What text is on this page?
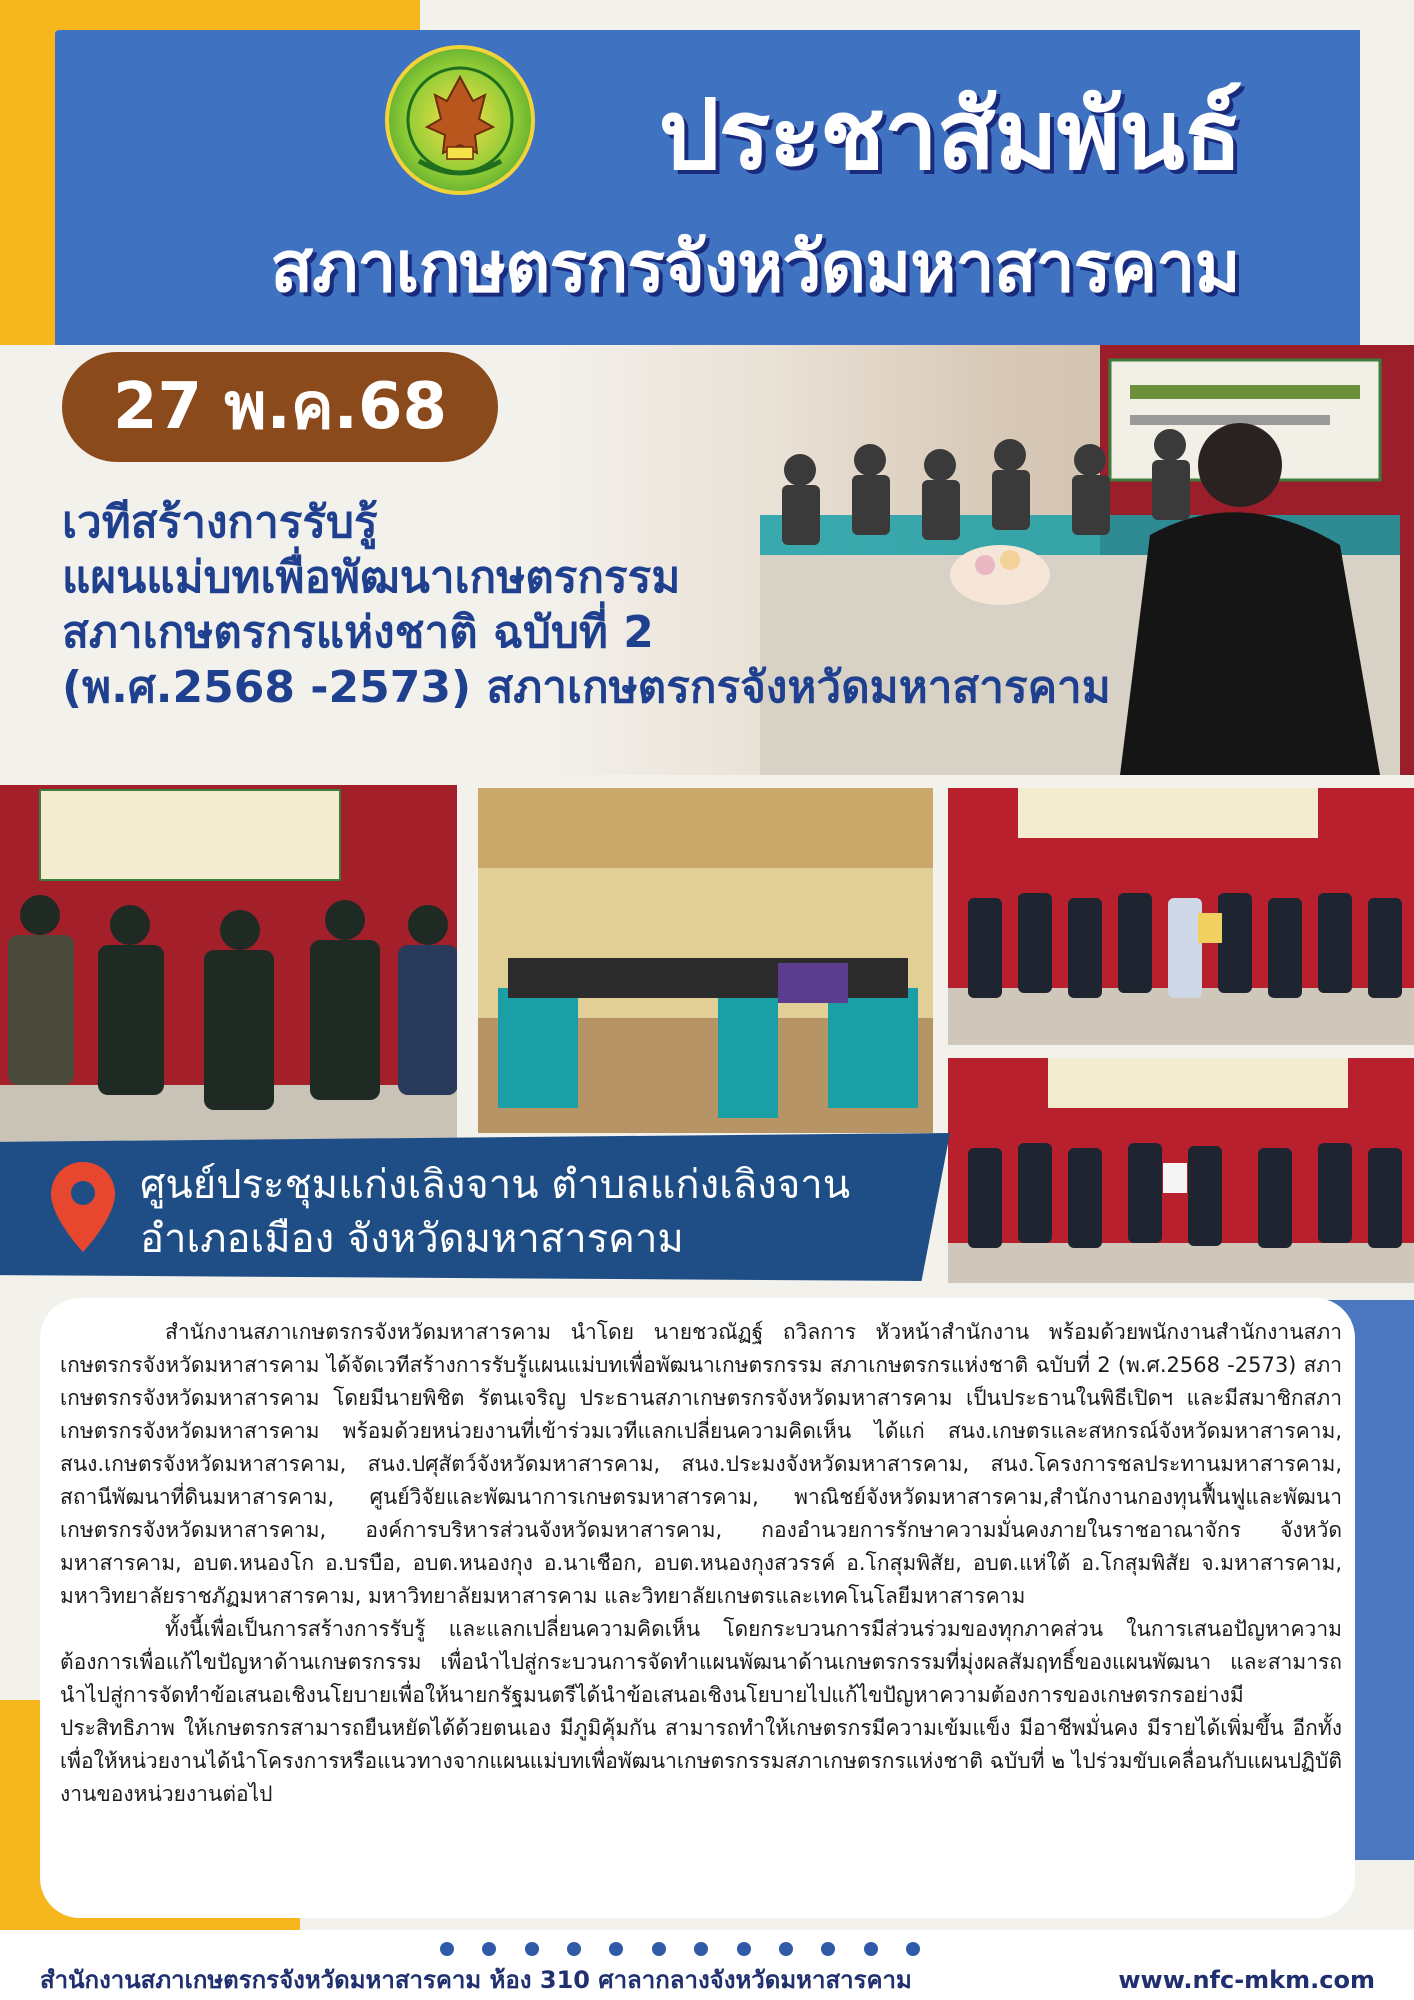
ประชาสัมพันธ์
สภาเกษตรกรจังหวัดมหาสารคาม
27 พ.ค.68
เวทีสร้างการรับรู้
แผนแม่บทเพื่อพัฒนาเกษตรกรรม
สภาเกษตรกรแห่งชาติ ฉบับที่ 2
(พ.ศ.2568 -2573) สภาเกษตรกรจังหวัดมหาสารคาม
ศูนย์ประชุมแก่งเลิงจาน ตำบลแก่งเลิงจาน
อำเภอเมือง จังหวัดมหาสารคาม

สำนักงานสภาเกษตรกรจังหวัดมหาสารคาม นำโดย นายชวณัฏฐ์ ถวิลการ หัวหน้าสำนักงาน พร้อมด้วยพนักงานสำนักงานสภาเกษตรกรจังหวัดมหาสารคาม ได้จัดเวทีสร้างการรับรู้แผนแม่บทเพื่อพัฒนาเกษตรกรรม สภาเกษตรกรแห่งชาติ ฉบับที่ 2 (พ.ศ.2568 -2573) สภาเกษตรกรจังหวัดมหาสารคาม โดยมีนายพิชิต รัตนเจริญ ประธานสภาเกษตรกรจังหวัดมหาสารคาม เป็นประธานในพิธีเปิดฯ และมีสมาชิกสภาเกษตรกรจังหวัดมหาสารคาม พร้อมด้วยหน่วยงานที่เข้าร่วมเวทีแลกเปลี่ยนความคิดเห็น ได้แก่ สนง.เกษตรและสหกรณ์จังหวัดมหาสารคาม, สนง.เกษตรจังหวัดมหาสารคาม, สนง.ปศุสัตว์จังหวัดมหาสารคาม, สนง.ประมงจังหวัดมหาสารคาม, สนง.โครงการชลประทานมหาสารคาม, สถานีพัฒนาที่ดินมหาสารคาม, ศูนย์วิจัยและพัฒนาการเกษตรมหาสารคาม, พาณิชย์จังหวัดมหาสารคาม,สำนักงานกองทุนฟื้นฟูและพัฒนาเกษตรกรจังหวัดมหาสารคาม, องค์การบริหารส่วนจังหวัดมหาสารคาม, กองอำนวยการรักษาความมั่นคงภายในราชอาณาจักร จังหวัดมหาสารคาม, อบต.หนองโก อ.บรบือ, อบต.หนองกุง อ.นาเชือก, อบต.หนองกุงสวรรค์ อ.โกสุมพิสัย, อบต.แห่ใต้ อ.โกสุมพิสัย จ.มหาสารคาม, มหาวิทยาลัยราชภัฏมหาสารคาม, มหาวิทยาลัยมหาสารคาม และวิทยาลัยเกษตรและเทคโนโลยีมหาสารคาม

ทั้งนี้เพื่อเป็นการสร้างการรับรู้ และแลกเปลี่ยนความคิดเห็น โดยกระบวนการมีส่วนร่วมของทุกภาคส่วน ในการเสนอปัญหาความต้องการเพื่อแก้ไขปัญหาด้านเกษตรกรรม เพื่อนำไปสู่กระบวนการจัดทำแผนพัฒนาด้านเกษตรกรรมที่มุ่งผลสัมฤทธิ์ของแผนพัฒนา และสามารถนำไปสู่การจัดทำข้อเสนอเชิงนโยบายเพื่อให้นายกรัฐมนตรีได้นำข้อเสนอเชิงนโยบายไปแก้ไขปัญหาความต้องการของเกษตรกรอย่างมีประสิทธิภาพ ให้เกษตรกรสามารถยืนหยัดได้ด้วยตนเอง มีภูมิคุ้มกัน สามารถทำให้เกษตรกรมีความเข้มแข็ง มีอาชีพมั่นคง มีรายได้เพิ่มขึ้น อีกทั้งเพื่อให้หน่วยงานได้นำโครงการหรือแนวทางจากแผนแม่บทเพื่อพัฒนาเกษตรกรรมสภาเกษตรกรแห่งชาติ ฉบับที่ ๒ ไปร่วมขับเคลื่อนกับแผนปฏิบัติงานของหน่วยงานต่อไป

สำนักงานสภาเกษตรกรจังหวัดมหาสารคาม ห้อง 310 ศาลากลางจังหวัดมหาสารคาม	www.nfc-mkm.com
